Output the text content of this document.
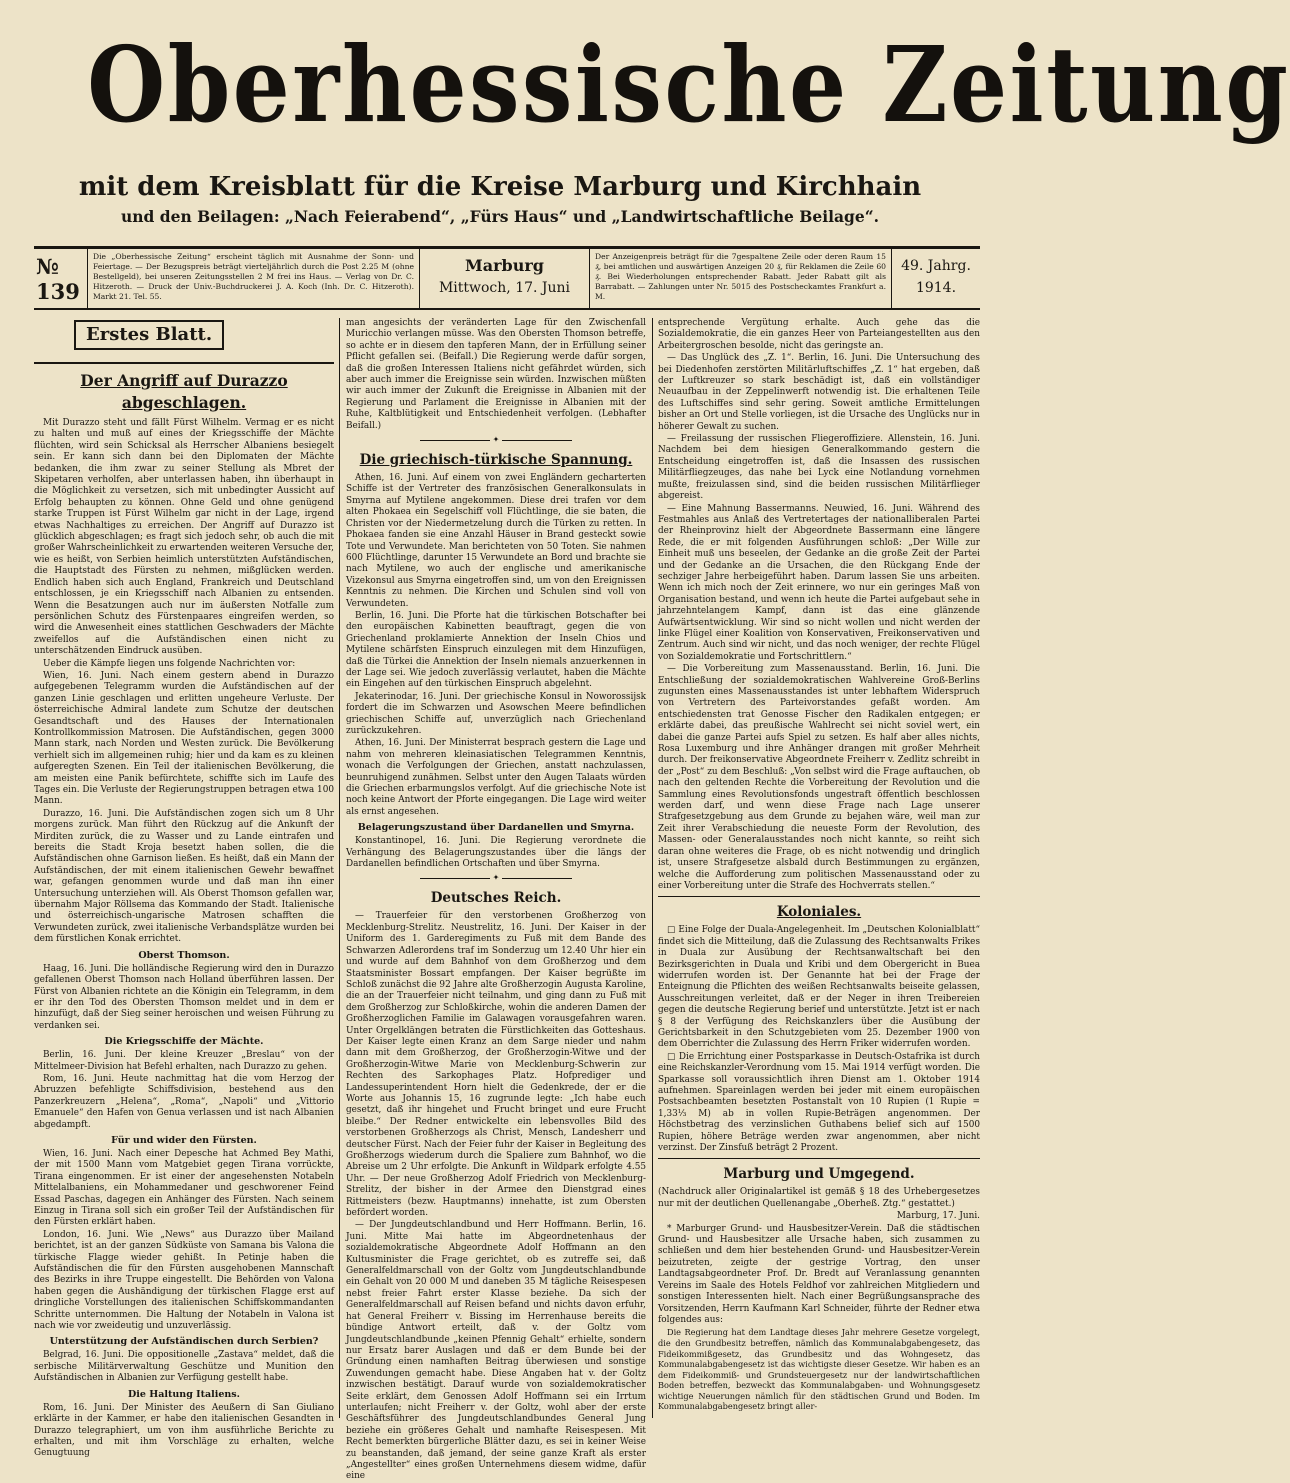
Oberhessische Zeitung
mit dem Kreisblatt für die Kreise Marburg und Kirchhain
und den Beilagen: „Nach Feierabend“, „Fürs Haus“ und „Landwirtschaftliche Beilage“.
№ 139
Die „Oberhessische Zeitung“ erscheint täglich mit Ausnahme der Sonn- und Feiertage. — Der Bezugspreis beträgt vierteljährlich durch die Post 2.25 M (ohne Bestellgeld), bei unseren Zeitungsstellen 2 M frei ins Haus. — Verlag von Dr. C. Hitzeroth. — Druck der Univ.-Buchdruckerei J. A. Koch (Inh. Dr. C. Hitzeroth). Markt 21. Tel. 55.
Marburg
Mittwoch, 17. Juni
Der Anzeigenpreis beträgt für die 7gespaltene Zeile oder deren Raum 15 ₰, bei amtlichen und auswärtigen Anzeigen 20 ₰, für Reklamen die Zeile 60 ₰. Bei Wiederholungen entsprechender Rabatt. Jeder Rabatt gilt als Barrabatt. — Zahlungen unter Nr. 5015 des Postscheckamtes Frankfurt a. M.
49. Jahrg.
1914.
Erstes Blatt.
Der Angriff auf Durazzo abgeschlagen.

Mit Durazzo steht und fällt Fürst Wilhelm. Vermag er es nicht zu halten und muß auf eines der Kriegsschiffe der Mächte flüchten, wird sein Schicksal als Herrscher Albaniens besiegelt sein. Er kann sich dann bei den Diplomaten der Mächte bedanken, die ihm zwar zu seiner Stellung als Mbret der Skipetaren verholfen, aber unterlassen haben, ihn überhaupt in die Möglichkeit zu versetzen, sich mit unbedingter Aussicht auf Erfolg behaupten zu können. Ohne Geld und ohne genügend starke Truppen ist Fürst Wilhelm gar nicht in der Lage, irgend etwas Nachhaltiges zu erreichen. Der Angriff auf Durazzo ist glücklich abgeschlagen; es fragt sich jedoch sehr, ob auch die mit großer Wahrscheinlichkeit zu erwartenden weiteren Versuche der, wie es heißt, von Serbien heimlich unterstützten Aufständischen, die Hauptstadt des Fürsten zu nehmen, mißglücken werden. Endlich haben sich auch England, Frankreich und Deutschland entschlossen, je ein Kriegsschiff nach Albanien zu entsenden. Wenn die Besatzungen auch nur im äußersten Notfalle zum persönlichen Schutz des Fürstenpaares eingreifen werden, so wird die Anwesenheit eines stattlichen Geschwaders der Mächte zweifellos auf die Aufständischen einen nicht zu unterschätzenden Eindruck ausüben.

Ueber die Kämpfe liegen uns folgende Nachrichten vor:

Wien, 16. Juni. Nach einem gestern abend in Durazzo aufgegebenen Telegramm wurden die Aufständischen auf der ganzen Linie geschlagen und erlitten ungeheure Verluste. Der österreichische Admiral landete zum Schutze der deutschen Gesandtschaft und des Hauses der Internationalen Kontrollkommission Matrosen. Die Aufständischen, gegen 3000 Mann stark, nach Norden und Westen zurück. Die Bevölkerung verhielt sich im allgemeinen ruhig; hier und da kam es zu kleinen aufgeregten Szenen. Ein Teil der italienischen Bevölkerung, die am meisten eine Panik befürchtete, schiffte sich im Laufe des Tages ein. Die Verluste der Regierungstruppen betragen etwa 100 Mann.

Durazzo, 16. Juni. Die Aufständischen zogen sich um 8 Uhr morgens zurück. Man führt den Rückzug auf die Ankunft der Mirditen zurück, die zu Wasser und zu Lande eintrafen und bereits die Stadt Kroja besetzt haben sollen, die die Aufständischen ohne Garnison ließen. Es heißt, daß ein Mann der Aufständischen, der mit einem italienischen Gewehr bewaffnet war, gefangen genommen wurde und daß man ihn einer Untersuchung unterziehen will. Als Oberst Thomson gefallen war, übernahm Major Röllsema das Kommando der Stadt. Italienische und österreichisch-ungarische Matrosen schafften die Verwundeten zurück, zwei italienische Verbandsplätze wurden bei dem fürstlichen Konak errichtet.

Oberst Thomson.

Haag, 16. Juni. Die holländische Regierung wird den in Durazzo gefallenen Oberst Thomson nach Holland überführen lassen. Der Fürst von Albanien richtete an die Königin ein Telegramm, in dem er ihr den Tod des Obersten Thomson meldet und in dem er hinzufügt, daß der Sieg seiner heroischen und weisen Führung zu verdanken sei.

Die Kriegsschiffe der Mächte.

Berlin, 16. Juni. Der kleine Kreuzer „Breslau“ von der Mittelmeer-Division hat Befehl erhalten, nach Durazzo zu gehen.

Rom, 16. Juni. Heute nachmittag hat die vom Herzog der Abruzzen befehligte Schiffsdivision, bestehend aus den Panzerkreuzern „Helena“, „Roma“, „Napoli“ und „Vittorio Emanuele“ den Hafen von Genua verlassen und ist nach Albanien abgedampft.

Für und wider den Fürsten.

Wien, 16. Juni. Nach einer Depesche hat Achmed Bey Mathi, der mit 1500 Mann vom Matgebiet gegen Tirana vorrückte, Tirana eingenommen. Er ist einer der angesehensten Notabeln Mittelalbaniens, ein Mohammedaner und geschworener Feind Essad Paschas, dagegen ein Anhänger des Fürsten. Nach seinem Einzug in Tirana soll sich ein großer Teil der Aufständischen für den Fürsten erklärt haben.

London, 16. Juni. Wie „News“ aus Durazzo über Mailand berichtet, ist an der ganzen Südküste von Samana bis Valona die türkische Flagge wieder gehißt. In Petinje haben die Aufständischen die für den Fürsten ausgehobenen Mannschaft des Bezirks in ihre Truppe eingestellt. Die Behörden von Valona haben gegen die Aushändigung der türkischen Flagge erst auf dringliche Vorstellungen des italienischen Schiffskommandanten Schritte unternommen. Die Haltung der Notabeln in Valona ist nach wie vor zweideutig und unzuverlässig.

Unterstützung der Aufständischen durch Serbien?

Belgrad, 16. Juni. Die oppositionelle „Zastava“ meldet, daß die serbische Militärverwaltung Geschütze und Munition den Aufständischen in Albanien zur Verfügung gestellt habe.

Die Haltung Italiens.

Rom, 16. Juni. Der Minister des Aeußern di San Giuliano erklärte in der Kammer, er habe den italienischen Gesandten in Durazzo telegraphiert, um von ihm ausführliche Berichte zu erhalten, und mit ihm Vorschläge zu erhalten, welche Genugtuung

man angesichts der veränderten Lage für den Zwischenfall Muricchio verlangen müsse. Was den Obersten Thomson betreffe, so achte er in diesem den tapferen Mann, der in Erfüllung seiner Pflicht gefallen sei. (Beifall.) Die Regierung werde dafür sorgen, daß die großen Interessen Italiens nicht gefährdet würden, sich aber auch immer die Ereignisse sein würden. Inzwischen müßten wir auch immer der Zukunft die Ereignisse in Albanien mit der Regierung und Parlament die Ereignisse in Albanien mit der Ruhe, Kaltblütigkeit und Entschiedenheit verfolgen. (Lebhafter Beifall.)

✦
Die griechisch-türkische Spannung.

Athen, 16. Juni. Auf einem von zwei Engländern gecharterten Schiffe ist der Vertreter des französischen Generalkonsulats in Smyrna auf Mytilene angekommen. Diese drei trafen vor dem alten Phokaea ein Segelschiff voll Flüchtlinge, die sie baten, die Christen vor der Niedermetzelung durch die Türken zu retten. In Phokaea fanden sie eine Anzahl Häuser in Brand gesteckt sowie Tote und Verwundete. Man berichteten von 50 Toten. Sie nahmen 600 Flüchtlinge, darunter 15 Verwundete an Bord und brachte sie nach Mytilene, wo auch der englische und amerikanische Vizekonsul aus Smyrna eingetroffen sind, um von den Ereignissen Kenntnis zu nehmen. Die Kirchen und Schulen sind voll von Verwundeten.

Berlin, 16. Juni. Die Pforte hat die türkischen Botschafter bei den europäischen Kabinetten beauftragt, gegen die von Griechenland proklamierte Annektion der Inseln Chios und Mytilene schärfsten Einspruch einzulegen mit dem Hinzufügen, daß die Türkei die Annektion der Inseln niemals anzuerkennen in der Lage sei. Wie jedoch zuverlässig verlautet, haben die Mächte ein Eingehen auf den türkischen Einspruch abgelehnt.

Jekaterinodar, 16. Juni. Der griechische Konsul in Noworossijsk fordert die im Schwarzen und Asowschen Meere befindlichen griechischen Schiffe auf, unverzüglich nach Griechenland zurückzukehren.

Athen, 16. Juni. Der Ministerrat besprach gestern die Lage und nahm von mehreren kleinasiatischen Telegrammen Kenntnis, wonach die Verfolgungen der Griechen, anstatt nachzulassen, beunruhigend zunähmen. Selbst unter den Augen Talaats würden die Griechen erbarmungslos verfolgt. Auf die griechische Note ist noch keine Antwort der Pforte eingegangen. Die Lage wird weiter als ernst angesehen.

Belagerungszustand über Dardanellen und Smyrna.

Konstantinopel, 16. Juni. Die Regierung verordnete die Verhängung des Belagerungszustandes über die längs der Dardanellen befindlichen Ortschaften und über Smyrna.

✦
Deutsches Reich.

— Trauerfeier für den verstorbenen Großherzog von Mecklenburg-Strelitz. Neustrelitz, 16. Juni. Der Kaiser in der Uniform des 1. Garderegiments zu Fuß mit dem Bande des Schwarzen Adlerordens traf im Sonderzug um 12.40 Uhr hier ein und wurde auf dem Bahnhof von dem Großherzog und dem Staatsminister Bossart empfangen. Der Kaiser begrüßte im Schloß zunächst die 92 Jahre alte Großherzogin Augusta Karoline, die an der Trauerfeier nicht teilnahm, und ging dann zu Fuß mit dem Großherzog zur Schloßkirche, wohin die anderen Damen der Großherzoglichen Familie im Galawagen vorausgefahren waren. Unter Orgelklängen betraten die Fürstlichkeiten das Gotteshaus. Der Kaiser legte einen Kranz an dem Sarge nieder und nahm dann mit dem Großherzog, der Großherzogin-Witwe und der Großherzogin-Witwe Marie von Mecklenburg-Schwerin zur Rechten des Sarkophages Platz. Hofprediger und Landessuperintendent Horn hielt die Gedenkrede, der er die Worte aus Johannis 15, 16 zugrunde legte: „Ich habe euch gesetzt, daß ihr hingehet und Frucht bringet und eure Frucht bleibe.“ Der Redner entwickelte ein lebensvolles Bild des verstorbenen Großherzogs als Christ, Mensch, Landesherr und deutscher Fürst. Nach der Feier fuhr der Kaiser in Begleitung des Großherzogs wiederum durch die Spaliere zum Bahnhof, wo die Abreise um 2 Uhr erfolgte. Die Ankunft in Wildpark erfolgte 4.55 Uhr. — Der neue Großherzog Adolf Friedrich von Mecklenburg-Strelitz, der bisher in der Armee den Dienstgrad eines Rittmeisters (bezw. Hauptmanns) innehatte, ist zum Obersten befördert worden.

— Der Jungdeutschlandbund und Herr Hoffmann. Berlin, 16. Juni. Mitte Mai hatte im Abgeordnetenhaus der sozialdemokratische Abgeordnete Adolf Hoffmann an den Kultusminister die Frage gerichtet, ob es zutreffe sei, daß Generalfeldmarschall von der Goltz vom Jungdeutschlandbunde ein Gehalt von 20 000 M und daneben 35 M tägliche Reisespesen nebst freier Fahrt erster Klasse beziehe. Da sich der Generalfeldmarschall auf Reisen befand und nichts davon erfuhr, hat General Freiherr v. Bissing im Herrenhause bereits die bündige Antwort erteilt, daß v. der Goltz vom Jungdeutschlandbunde „keinen Pfennig Gehalt“ erhielte, sondern nur Ersatz barer Auslagen und daß er dem Bunde bei der Gründung einen namhaften Beitrag überwiesen und sonstige Zuwendungen gemacht habe. Diese Angaben hat v. der Goltz inzwischen bestätigt. Darauf wurde von sozialdemokratischer Seite erklärt, dem Genossen Adolf Hoffmann sei ein Irrtum unterlaufen; nicht Freiherr v. der Goltz, wohl aber der erste Geschäftsführer des Jungdeutschlandbundes General Jung beziehe ein größeres Gehalt und namhafte Reisespesen. Mit Recht bemerkten bürgerliche Blätter dazu, es sei in keiner Weise zu beanstanden, daß jemand, der seine ganze Kraft als erster „Angestellter“ eines großen Unternehmens diesem widme, dafür eine

entsprechende Vergütung erhalte. Auch gehe das die Sozialdemokratie, die ein ganzes Heer von Parteiangestellten aus den Arbeitergroschen besolde, nicht das geringste an.

— Das Unglück des „Z. 1“. Berlin, 16. Juni. Die Untersuchung des bei Diedenhofen zerstörten Militärluftschiffes „Z. 1“ hat ergeben, daß der Luftkreuzer so stark beschädigt ist, daß ein vollständiger Neuaufbau in der Zeppelinwerft notwendig ist. Die erhaltenen Teile des Luftschiffes sind sehr gering. Soweit amtliche Ermittelungen bisher an Ort und Stelle vorliegen, ist die Ursache des Unglücks nur in höherer Gewalt zu suchen.

— Freilassung der russischen Fliegeroffiziere. Allenstein, 16. Juni. Nachdem bei dem hiesigen Generalkommando gestern die Entscheidung eingetroffen ist, daß die Insassen des russischen Militärfliegzeuges, das nahe bei Lyck eine Notlandung vornehmen mußte, freizulassen sind, sind die beiden russischen Militärflieger abgereist.

— Eine Mahnung Bassermanns. Neuwied, 16. Juni. Während des Festmahles aus Anlaß des Vertretertages der nationalliberalen Partei der Rheinprovinz hielt der Abgeordnete Bassermann eine längere Rede, die er mit folgenden Ausführungen schloß: „Der Wille zur Einheit muß uns beseelen, der Gedanke an die große Zeit der Partei und der Gedanke an die Ursachen, die den Rückgang Ende der sechziger Jahre herbeigeführt haben. Darum lassen Sie uns arbeiten. Wenn ich mich noch der Zeit erinnere, wo nur ein geringes Maß von Organisation bestand, und wenn ich heute die Partei aufgebaut sehe in jahrzehntelangem Kampf, dann ist das eine glänzende Aufwärtsentwicklung. Wir sind so nicht wollen und nicht werden der linke Flügel einer Koalition von Konservativen, Freikonservativen und Zentrum. Auch sind wir nicht, und das noch weniger, der rechte Flügel von Sozialdemokratie und Fortschrittlern.“

— Die Vorbereitung zum Massenausstand. Berlin, 16. Juni. Die Entschließung der sozialdemokratischen Wahlvereine Groß-Berlins zugunsten eines Massenausstandes ist unter lebhaftem Widerspruch von Vertretern des Parteivorstandes gefaßt worden. Am entschiedensten trat Genosse Fischer den Radikalen entgegen; er erklärte dabei, das preußische Wahlrecht sei nicht soviel wert, ein dabei die ganze Partei aufs Spiel zu setzen. Es half aber alles nichts, Rosa Luxemburg und ihre Anhänger drangen mit großer Mehrheit durch. Der freikonservative Abgeordnete Freiherr v. Zedlitz schreibt in der „Post“ zu dem Beschluß: „Von selbst wird die Frage auftauchen, ob nach den geltenden Rechte die Vorbereitung der Revolution und die Sammlung eines Revolutionsfonds ungestraft öffentlich beschlossen werden darf, und wenn diese Frage nach Lage unserer Strafgesetzgebung aus dem Grunde zu bejahen wäre, weil man zur Zeit ihrer Verabschiedung die neueste Form der Revolution, des Massen- oder Generalausstandes noch nicht kannte, so reiht sich daran ohne weiteres die Frage, ob es nicht notwendig und dringlich ist, unsere Strafgesetze alsbald durch Bestimmungen zu ergänzen, welche die Aufforderung zum politischen Massenausstand oder zu einer Vorbereitung unter die Strafe des Hochverrats stellen.“

Koloniales.

□ Eine Folge der Duala-Angelegenheit. Im „Deutschen Kolonialblatt“ findet sich die Mitteilung, daß die Zulassung des Rechtsanwalts Frikes in Duala zur Ausübung der Rechtsanwaltschaft bei den Bezirksgerichten in Duala und Kribi und dem Obergericht in Buea widerrufen worden ist. Der Genannte hat bei der Frage der Enteignung die Pflichten des weißen Rechtsanwalts beiseite gelassen, Ausschreitungen verleitet, daß er der Neger in ihren Treibereien gegen die deutsche Regierung berief und unterstützte. Jetzt ist er nach § 8 der Verfügung des Reichskanzlers über die Ausübung der Gerichtsbarkeit in den Schutzgebieten vom 25. Dezember 1900 von dem Oberrichter die Zulassung des Herrn Friker widerrufen worden.

□ Die Errichtung einer Postsparkasse in Deutsch-Ostafrika ist durch eine Reichskanzler-Verordnung vom 15. Mai 1914 verfügt worden. Die Sparkasse soll voraussichtlich ihren Dienst am 1. Oktober 1914 aufnehmen. Spareinlagen werden bei jeder mit einem europäischen Postsachbeamten besetzten Postanstalt von 10 Rupien (1 Rupie = 1,33⅓ M) ab in vollen Rupie-Beträgen angenommen. Der Höchstbetrag des verzinslichen Guthabens belief sich auf 1500 Rupien, höhere Beträge werden zwar angenommen, aber nicht verzinst. Der Zinsfuß beträgt 2 Prozent.

Marburg und Umgegend.

(Nachdruck aller Originalartikel ist gemäß § 18 des Urhebergesetzes nur mit der deutlichen Quellenangabe „Oberheß. Ztg.“ gestattet.)

Marburg, 17. Juni.

* Marburger Grund- und Hausbesitzer-Verein. Daß die städtischen Grund- und Hausbesitzer alle Ursache haben, sich zusammen zu schließen und dem hier bestehenden Grund- und Hausbesitzer-Verein beizutreten, zeigte der gestrige Vortrag, den unser Landtagsabgeordneter Prof. Dr. Bredt auf Veranlassung genannten Vereins im Saale des Hotels Feldhof vor zahlreichen Mitgliedern und sonstigen Interessenten hielt. Nach einer Begrüßungsansprache des Vorsitzenden, Herrn Kaufmann Karl Schneider, führte der Redner etwa folgendes aus:

Die Regierung hat dem Landtage dieses Jahr mehrere Gesetze vorgelegt, die den Grundbesitz betreffen, nämlich das Kommunalabgabengesetz, das Fideikommißgesetz, das Grundbesitz und das Wohngesetz, das Kommunalabgabengesetz ist das wichtigste dieser Gesetze. Wir haben es an dem Fideikommiß- und Grundsteuergesetz nur der landwirtschaftlichen Boden betreffen, bezweckt das Kommunalabgaben- und Wohnungsgesetz wichtige Neuerungen nämlich für den städtischen Grund und Boden. Im Kommunalabgabengesetz bringt aller-
